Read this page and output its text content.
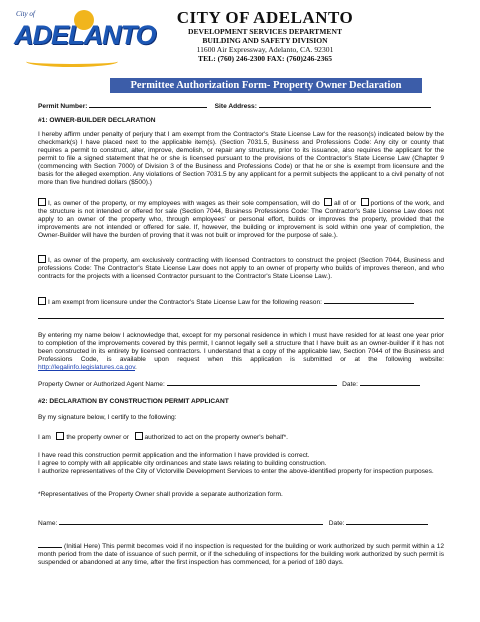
City of
ADELANTO
CITY OF ADELANTO
DEVELOPMENT SERVICES DEPARTMENT
BUILDING AND SAFETY DIVISION
11600 Air Expressway, Adelanto, CA. 92301
TEL: (760) 246-2300 FAX: (760)246-2365
Permittee Authorization Form- Property Owner Declaration
Permit Number:	Site Address:
#1: OWNER-BUILDER DECLARATION
I hereby affirm under penalty of perjury that I am exempt from the Contractor's State License Law for the reason(s) indicated below by the checkmark(s) I have placed next to the applicable item(s). (Section 7031.5, Business and Professions Code: Any city or county that requires a permit to construct, alter, improve, demolish, or repair any structure, prior to its issuance, also requires the applicant for the permit to file a signed statement that he or she is licensed pursuant to the provisions of the Contractor's State License Law (Chapter 9 (commencing with Section 7000) of Division 3 of the Business and Professions Code) or that he or she is exempt from licensure and the basis for the alleged exemption. Any violations of Section 7031.5 by any applicant for a permit subjects the applicant to a civil penalty of not more than five hundred dollars ($500).)
I, as owner of the property, or my employees with wages as their sole compensation, will do all of or portions of the work, and the structure is not intended or offered for sale (Section 7044, Business Professions Code: The Contractor's Sate License Law does not apply to an owner of the property who, through employees' or personal effort, builds or improves the property, provided that the improvements are not intended or offered for sale. If, however, the building or improvement is sold within one year of completion, the Owner-Builder will have the burden of proving that it was not built or improved for the purpose of sale.).
I, as owner of the property, am exclusively contracting with licensed Contractors to construct the project (Section 7044, Business and professions Code: The Contractor's State License Law does not apply to an owner of property who builds of improves thereon, and who contracts for the projects with a licensed Contractor pursuant to the Contractor's State License Law.).
I am exempt from licensure under the Contractor's State License Law for the following reason:
By entering my name below I acknowledge that, except for my personal residence in which I must have resided for at least one year prior to completion of the improvements covered by this permit, I cannot legally sell a structure that I have built as an owner-builder if it has not been constructed in its entirety by licensed contractors. I understand that a copy of the applicable law, Section 7044 of the Business and Professions Code, is available upon request when this application is submitted or at the following website: http://legalinfo.legislatures.ca.gov.
Property Owner or Authorized Agent Name:	Date:
#2: DECLARATION BY CONSTRUCTION PERMIT APPLICANT
By my signature below, I certify to the following:
I am the property owner or authorized to act on the property owner's behalf*.
I have read this construction permit application and the information I have provided is correct.
I agree to comply with all applicable city ordinances and state laws relating to building construction.
I authorize representatives of the City of Victorville Development Services to enter the above-identified property for inspection purposes.
*Representatives of the Property Owner shall provide a separate authorization form.
Name:	Date:
(Initial Here) This permit becomes void if no inspection is requested for the building or work authorized by such permit within a 12 month period from the date of issuance of such permit, or if the scheduling of inspections for the building work authorized by such permit is suspended or abandoned at any time, after the first inspection has commenced, for a period of 180 days.
